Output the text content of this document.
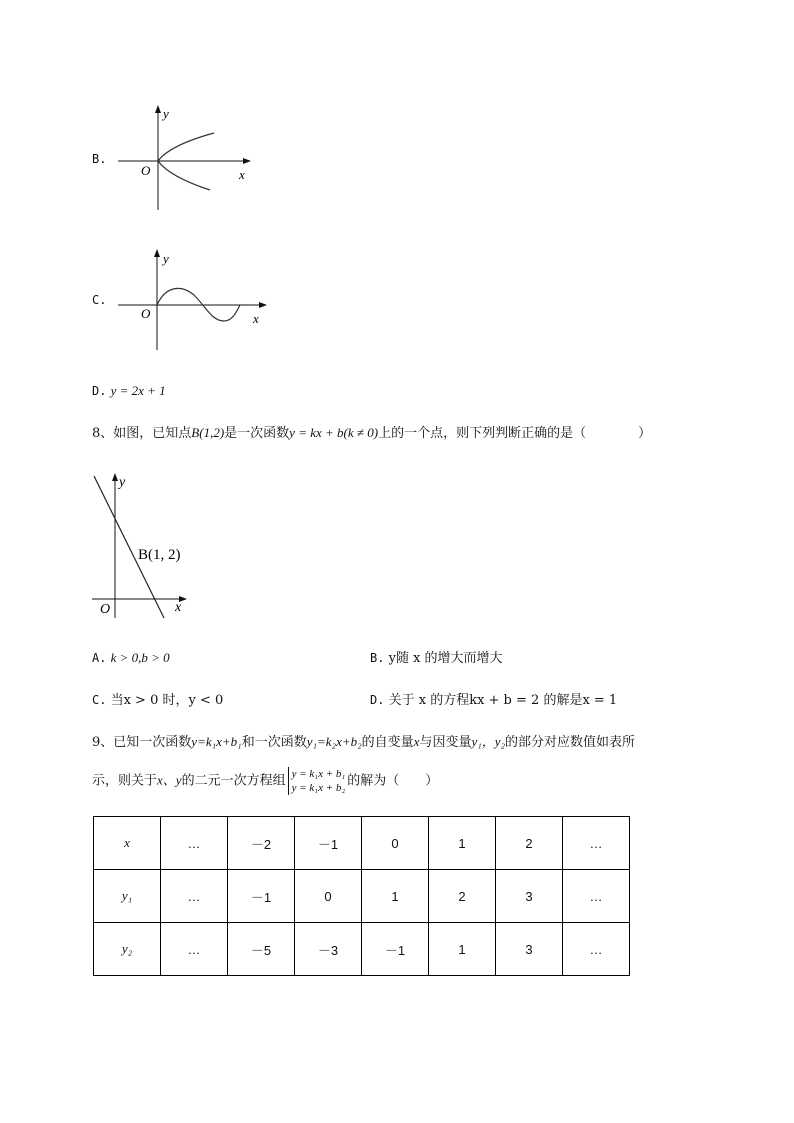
B.
y
x
O
C.
y
x
O
D. y = 2x + 1
8、如图，已知点B(1,2)是一次函数y = kx + b(k ≠ 0)上的一个点，则下列判断正确的是（　　　　）
y
x
O
B(1, 2)
A. k > 0,b > 0	B. y随 x 的增大而增大
C. 当x > 0 时，y < 0	D. 关于 x 的方程kx + b = 2 的解是x = 1
9、已知一次函数y=k₁x+b₁和一次函数y₁=k₂x+b₂的自变量x与因变量y₁，y₂的部分对应数值如表所
示，则关于x、y的二元一次方程组 y = k₁x + b₁
y = k₁x + b₂ 的解为（　　）
x	…	－2	－1	0	1	2	…
y₁	…	－1	0	1	2	3	…
y₂	…	－5	－3	－1	1	3	…
